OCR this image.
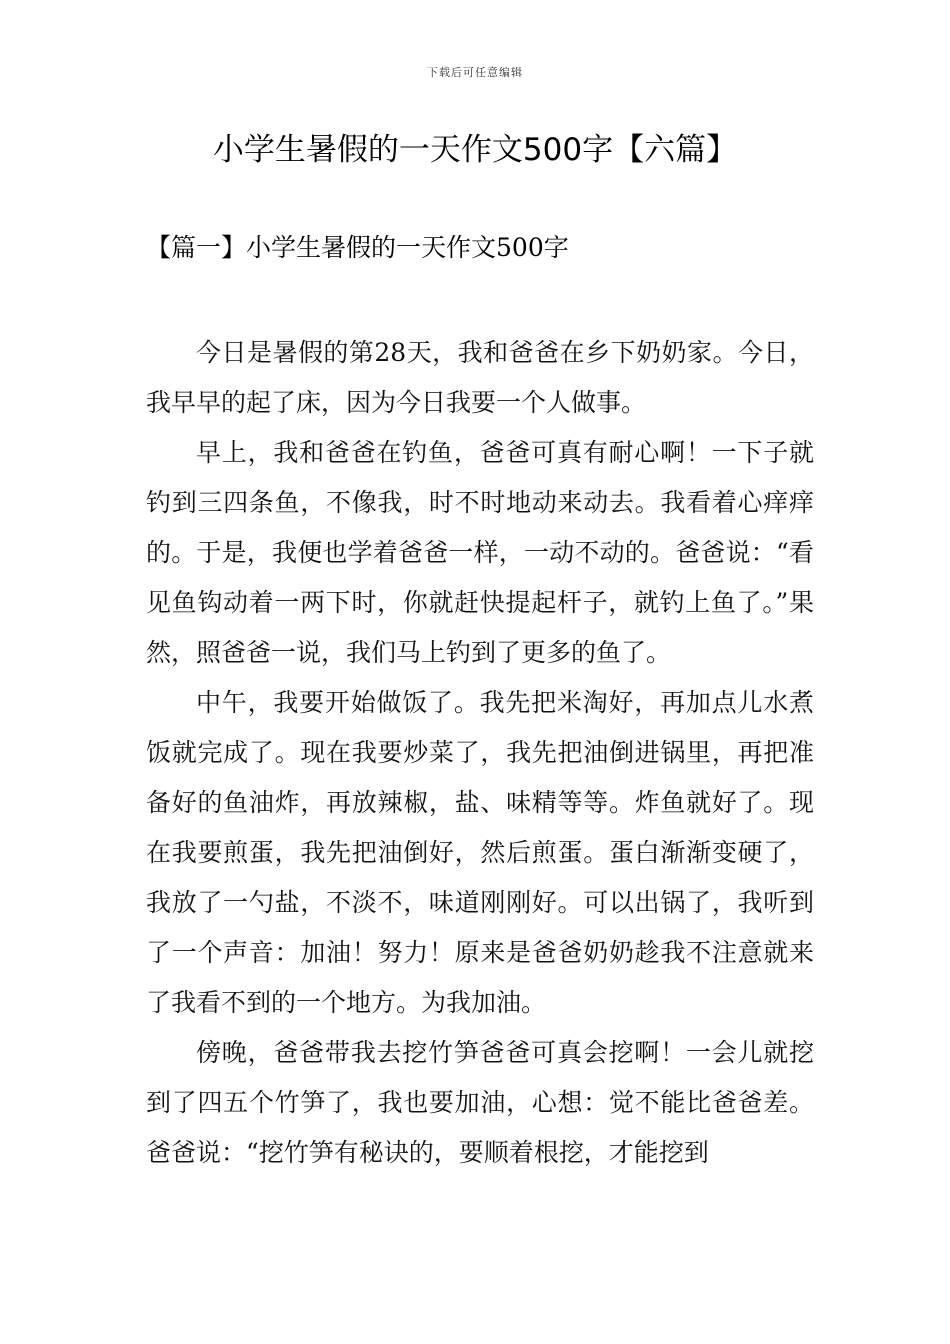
下载后可任意编辑
小学生暑假的一天作文500字【六篇】
【篇一】小学生暑假的一天作文500字

今日是暑假的第28天，我和爸爸在乡下奶奶家。今日，我早早的起了床，因为今日我要一个人做事。

早上，我和爸爸在钓鱼，爸爸可真有耐心啊！一下子就钓到三四条鱼，不像我，时不时地动来动去。我看着心痒痒的。于是，我便也学着爸爸一样，一动不动的。爸爸说：“看见鱼钩动着一两下时，你就赶快提起杆子，就钓上鱼了。”果然，照爸爸一说，我们马上钓到了更多的鱼了。

中午，我要开始做饭了。我先把米淘好，再加点儿水煮饭就完成了。现在我要炒菜了，我先把油倒进锅里，再把准备好的鱼油炸，再放辣椒，盐、味精等等。炸鱼就好了。现在我要煎蛋，我先把油倒好，然后煎蛋。蛋白渐渐变硬了，我放了一勺盐，不淡不，味道刚刚好。可以出锅了，我听到了一个声音：加油！努力！原来是爸爸奶奶趁我不注意就来了我看不到的一个地方。为我加油。

傍晚，爸爸带我去挖竹笋爸爸可真会挖啊！一会儿就挖到了四五个竹笋了，我也要加油，心想：觉不能比爸爸差。爸爸说：“挖竹笋有秘诀的，要顺着根挖，才能挖到
